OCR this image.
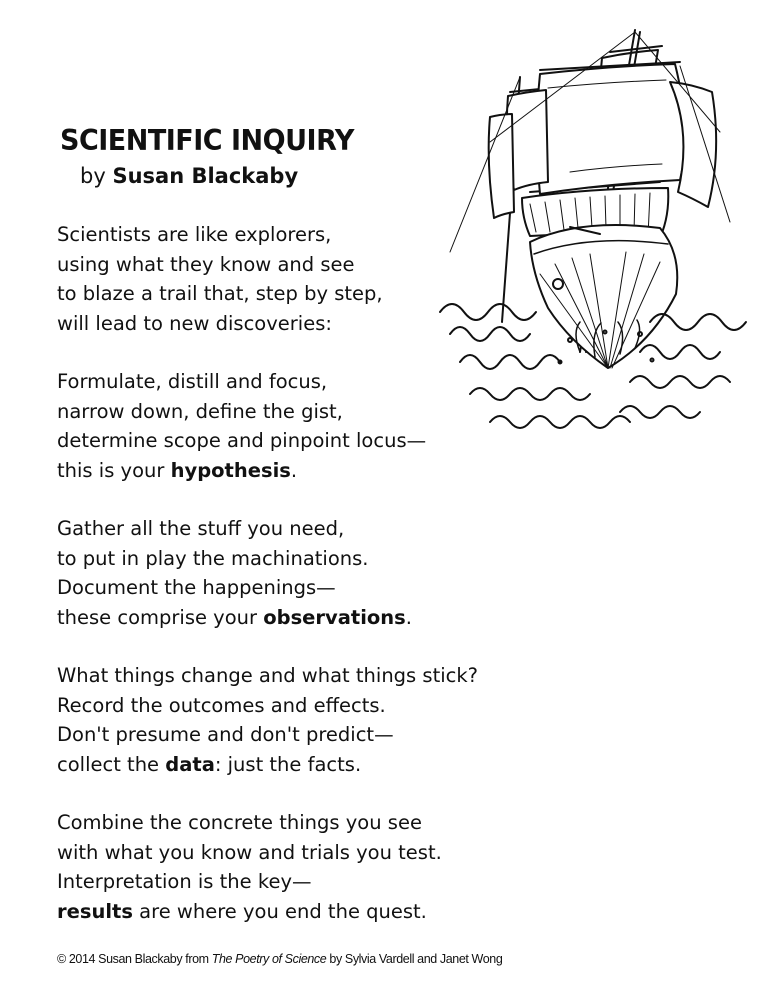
SCIENTIFIC INQUIRY
by Susan Blackaby
Scientists are like explorers,
using what they know and see
to blaze a trail that, step by step,
will lead to new discoveries:
Formulate, distill and focus,
narrow down, define the gist,
determine scope and pinpoint locus—
this is your hypothesis.
Gather all the stuff you need,
to put in play the machinations.
Document the happenings—
these comprise your observations.
What things change and what things stick?
Record the outcomes and effects.
Don't presume and don't predict—
collect the data: just the facts.
Combine the concrete things you see
with what you know and trials you test.
Interpretation is the key—
results are where you end the quest.
© 2014 Susan Blackaby from The Poetry of Science by Sylvia Vardell and Janet Wong
